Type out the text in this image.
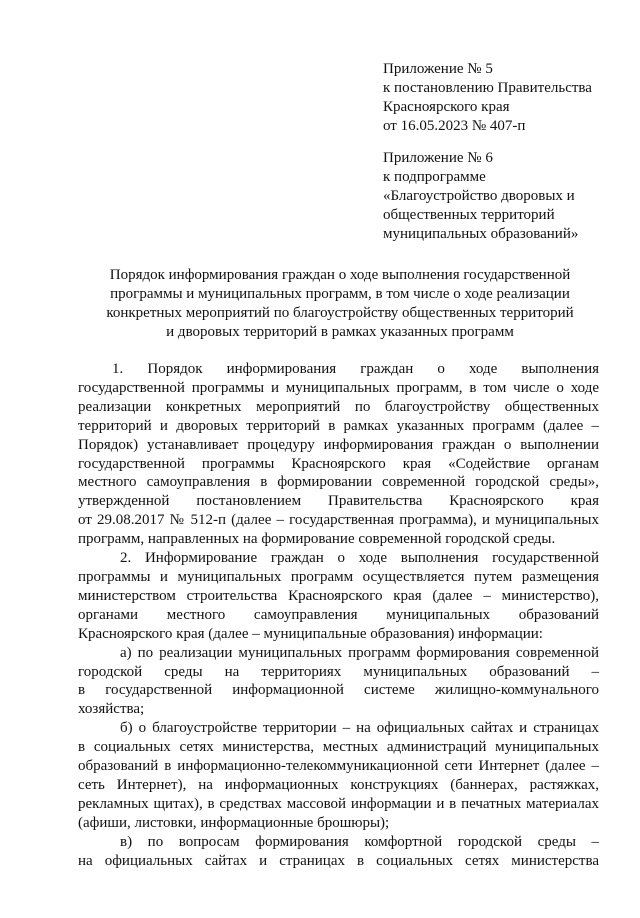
Приложение № 5
к постановлению Правительства
Красноярского края
от 16.05.2023 № 407-п
Приложение № 6
к подпрограмме
«Благоустройство дворовых и
общественных территорий
муниципальных образований»
Порядок информирования граждан о ходе выполнения государственной
программы и муниципальных программ, в том числе о ходе реализации
конкретных мероприятий по благоустройству общественных территорий
и дворовых территорий в рамках указанных программ
1. Порядок информирования граждан о ходе выполнения
государственной программы и муниципальных программ, в том числе о ходе
реализации конкретных мероприятий по благоустройству общественных
территорий и дворовых территорий в рамках указанных программ (далее –
Порядок) устанавливает процедуру информирования граждан о выполнении
государственной программы Красноярского края «Содействие органам
местного самоуправления в формировании современной городской среды»,
утвержденной постановлением Правительства Красноярского края
от 29.08.2017 № 512-п (далее – государственная программа), и муниципальных
программ, направленных на формирование современной городской среды.
2. Информирование граждан о ходе выполнения государственной
программы и муниципальных программ осуществляется путем размещения
министерством строительства Красноярского края (далее – министерство),
органами местного самоуправления муниципальных образований
Красноярского края (далее – муниципальные образования) информации:
а) по реализации муниципальных программ формирования современной
городской среды на территориях муниципальных образований –
в государственной информационной системе жилищно-коммунального
хозяйства;
б) о благоустройстве территории – на официальных сайтах и страницах
в социальных сетях министерства, местных администраций муниципальных
образований в информационно-телекоммуникационной сети Интернет (далее –
сеть Интернет), на информационных конструкциях (баннерах, растяжках,
рекламных щитах), в средствах массовой информации и в печатных материалах
(афиши, листовки, информационные брошюры);
в) по вопросам формирования комфортной городской среды –
на официальных сайтах и страницах в социальных сетях министерства
